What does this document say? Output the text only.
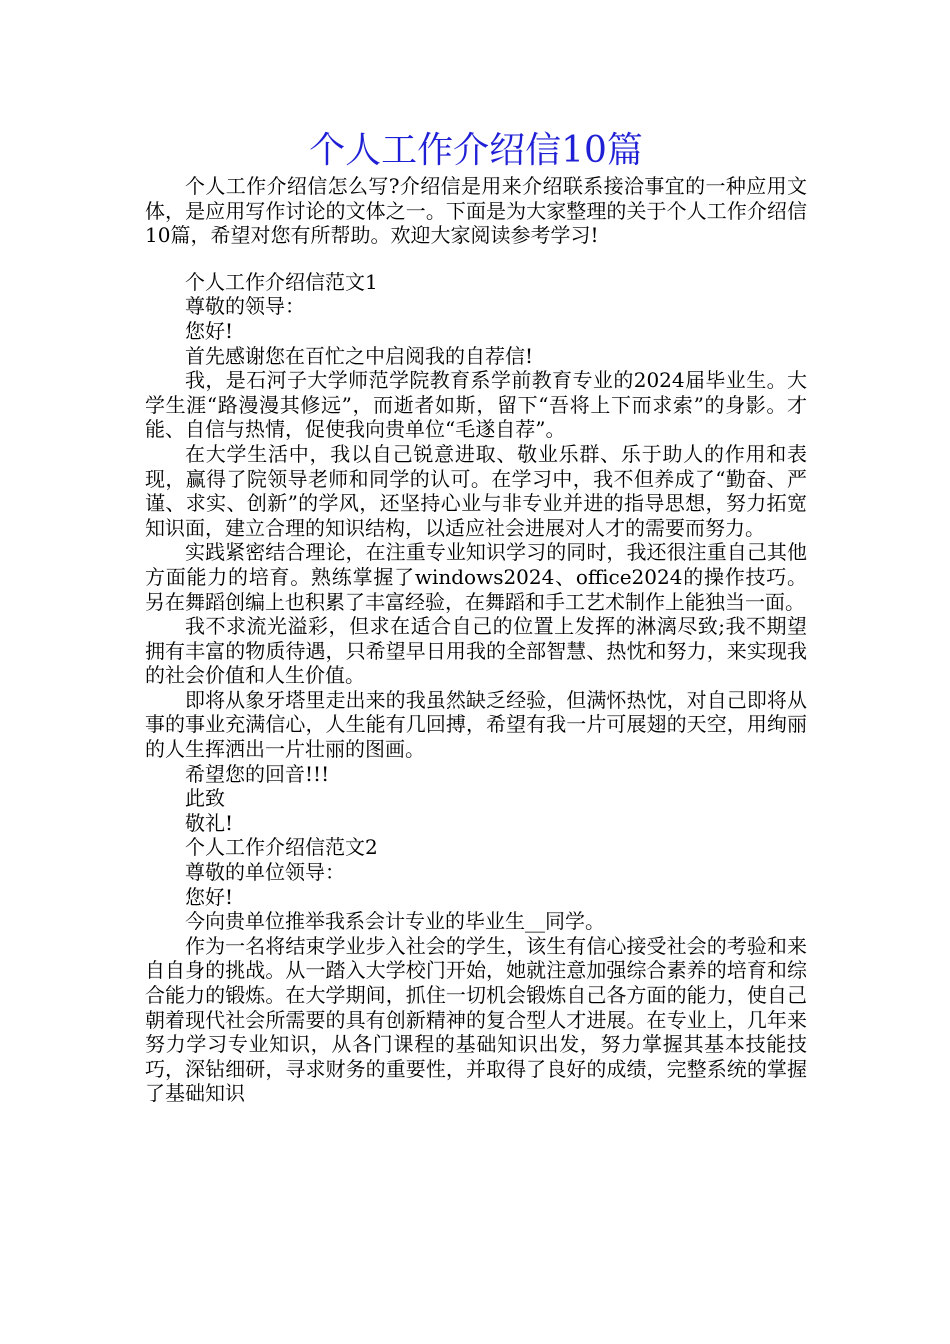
个人工作介绍信10篇

个人工作介绍信怎么写?介绍信是用来介绍联系接洽事宜的一种应用文体，是应用写作讨论的文体之一。下面是为大家整理的关于个人工作介绍信10篇，希望对您有所帮助。欢迎大家阅读参考学习!

个人工作介绍信范文1

尊敬的领导：

您好!

首先感谢您在百忙之中启阅我的自荐信!

我，是石河子大学师范学院教育系学前教育专业的2024届毕业生。大学生涯“路漫漫其修远”，而逝者如斯，留下“吾将上下而求索”的身影。才能、自信与热情，促使我向贵单位“毛遂自荐”。

在大学生活中，我以自己锐意进取、敬业乐群、乐于助人的作用和表现，赢得了院领导老师和同学的认可。在学习中，我不但养成了“勤奋、严谨、求实、创新”的学风，还坚持心业与非专业并进的指导思想，努力拓宽知识面，建立合理的知识结构，以适应社会进展对人才的需要而努力。

实践紧密结合理论，在注重专业知识学习的同时，我还很注重自己其他方面能力的培育。熟练掌握了windows2024、office2024的操作技巧。另在舞蹈创编上也积累了丰富经验，在舞蹈和手工艺术制作上能独当一面。

我不求流光溢彩，但求在适合自己的位置上发挥的淋漓尽致;我不期望拥有丰富的物质待遇，只希望早日用我的全部智慧、热忱和努力，来实现我的社会价值和人生价值。

即将从象牙塔里走出来的我虽然缺乏经验，但满怀热忱，对自己即将从事的事业充满信心，人生能有几回搏，希望有我一片可展翅的天空，用绚丽的人生挥洒出一片壮丽的图画。

希望您的回音!!!

此致

敬礼!

个人工作介绍信范文2

尊敬的单位领导：

您好!

今向贵单位推举我系会计专业的毕业生__同学。

作为一名将结束学业步入社会的学生，该生有信心接受社会的考验和来自自身的挑战。从一踏入大学校门开始，她就注意加强综合素养的培育和综合能力的锻炼。在大学期间，抓住一切机会锻炼自己各方面的能力，使自己朝着现代社会所需要的具有创新精神的复合型人才进展。在专业上，几年来努力学习专业知识，从各门课程的基础知识出发，努力掌握其基本技能技巧，深钻细研，寻求财务的重要性，并取得了良好的成绩，完整系统的掌握了基础知识
